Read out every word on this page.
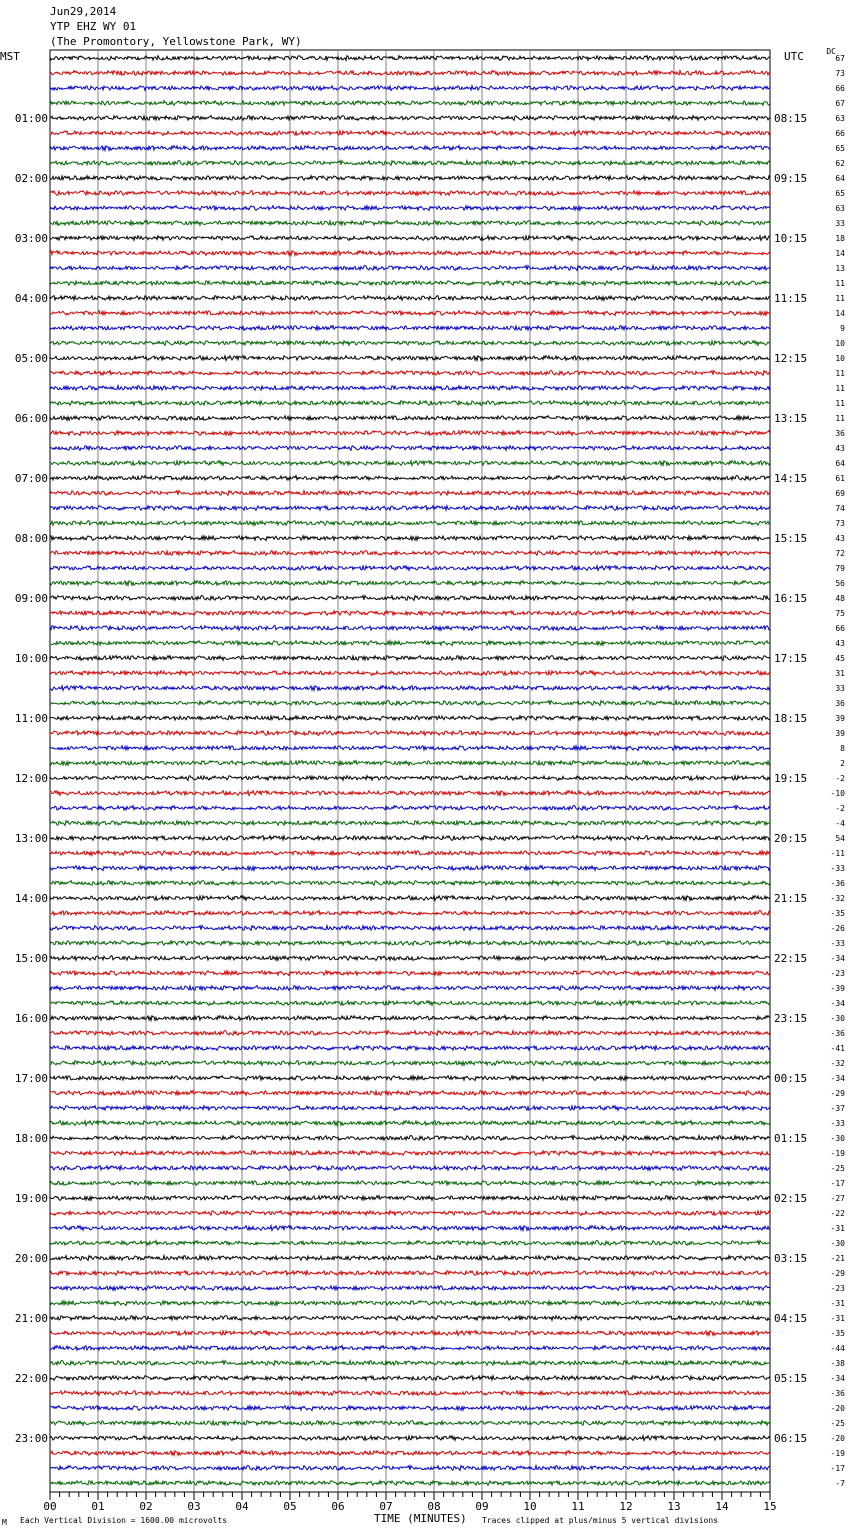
Jun29,2014
YTP EHZ WY 01
(The Promontory, Yellowstone Park, WY)
MST	UTC	DC
67
73
66
67
63
66
65
62
64
65
63
33
18
14
13
11
11
14
9
10
10
11
11
11
11
36
43
64
61
69
74
73
43
72
79
56
48
75
66
43
45
31
33
36
39
39
8
2
-2
-10
-2
-4
54
-11
-33
-36
-32
-35
-26
-33
-34
-23
-39
-34
-30
-36
-41
-32
-34
-29
-37
-33
-30
-19
-25
-17
-27
-22
-31
-30
-21
-29
-23
-31
-31
-35
-44
-38
-34
-36
-20
-25
-20
-19
-17
-7
01:00
02:00
03:00
04:00
05:00
06:00
07:00
08:00
09:00
10:00
11:00
12:00
13:00
14:00
15:00
16:00
17:00
18:00
19:00
20:00
21:00
22:00
23:00
08:15
09:15
10:15
11:15
12:15
13:15
14:15
15:15
16:15
17:15
18:15
19:15
20:15
21:15
22:15
23:15
00:15
01:15
02:15
03:15
04:15
05:15
06:15
00	01	02	03	04	05	06	07	08	09	10	11	12	13	14	15
M Each Vertical Division = 1600.00 microvolts	TIME (MINUTES) Traces clipped at plus/minus 5 vertical divisions
